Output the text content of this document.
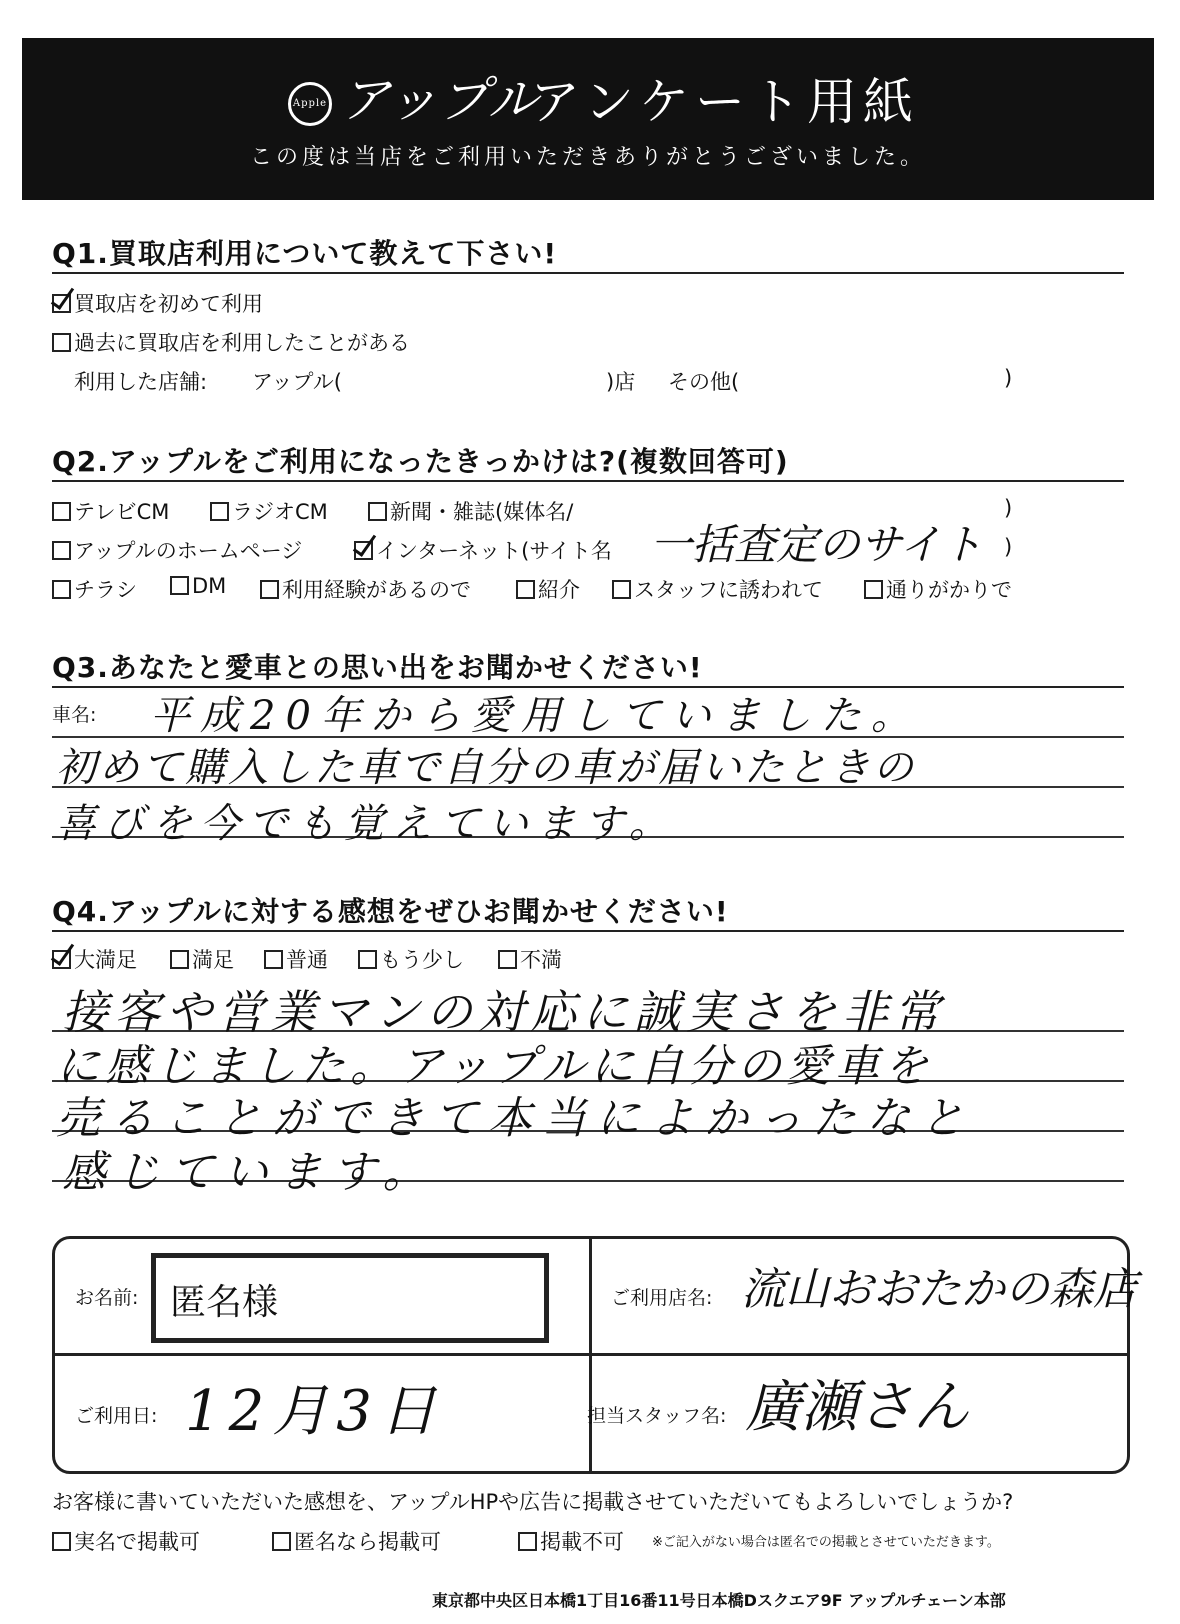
Apple アップル
アンケート用紙
この度は当店をご利用いただきありがとうございました。
Q1.買取店利用について教えて下さい!
買取店を初めて利用
過去に買取店を利用したことがある
利用した店舗: アップル(	)店 その他(	)
Q2.アップルをご利用になったきっかけは?(複数回答可)
テレビCM	ラジオCM	新聞・雑誌(媒体名/	)
アップルのホームページ	インターネット(サイト名 一括査定のサイト )
チラシ	DM	利用経験があるので	紹介	スタッフに誘われて	通りがかりで
Q3.あなたと愛車との思い出をお聞かせください!
車名: 平成20年から愛用していました。
初めて購入した車で自分の車が届いたときの
喜びを今でも覚えています。
Q4.アップルに対する感想をぜひお聞かせください!
大満足	満足	普通	もう少し	不満
接客や営業マンの対応に誠実さを非常
に感じました。アップルに自分の愛車を
売ることができて本当によかったなと
感じています。
お名前: 匿名様	ご利用店名: 流山おおたかの森店
ご利用日: 12月3日	担当スタッフ名: 廣瀬さん
お客様に書いていただいた感想を、アップルHPや広告に掲載させていただいてもよろしいでしょうか?
実名で掲載可	匿名なら掲載可	掲載不可 ※ご記入がない場合は匿名での掲載とさせていただきます。
東京都中央区日本橋1丁目16番11号日本橋Dスクエア9F アップルチェーン本部
